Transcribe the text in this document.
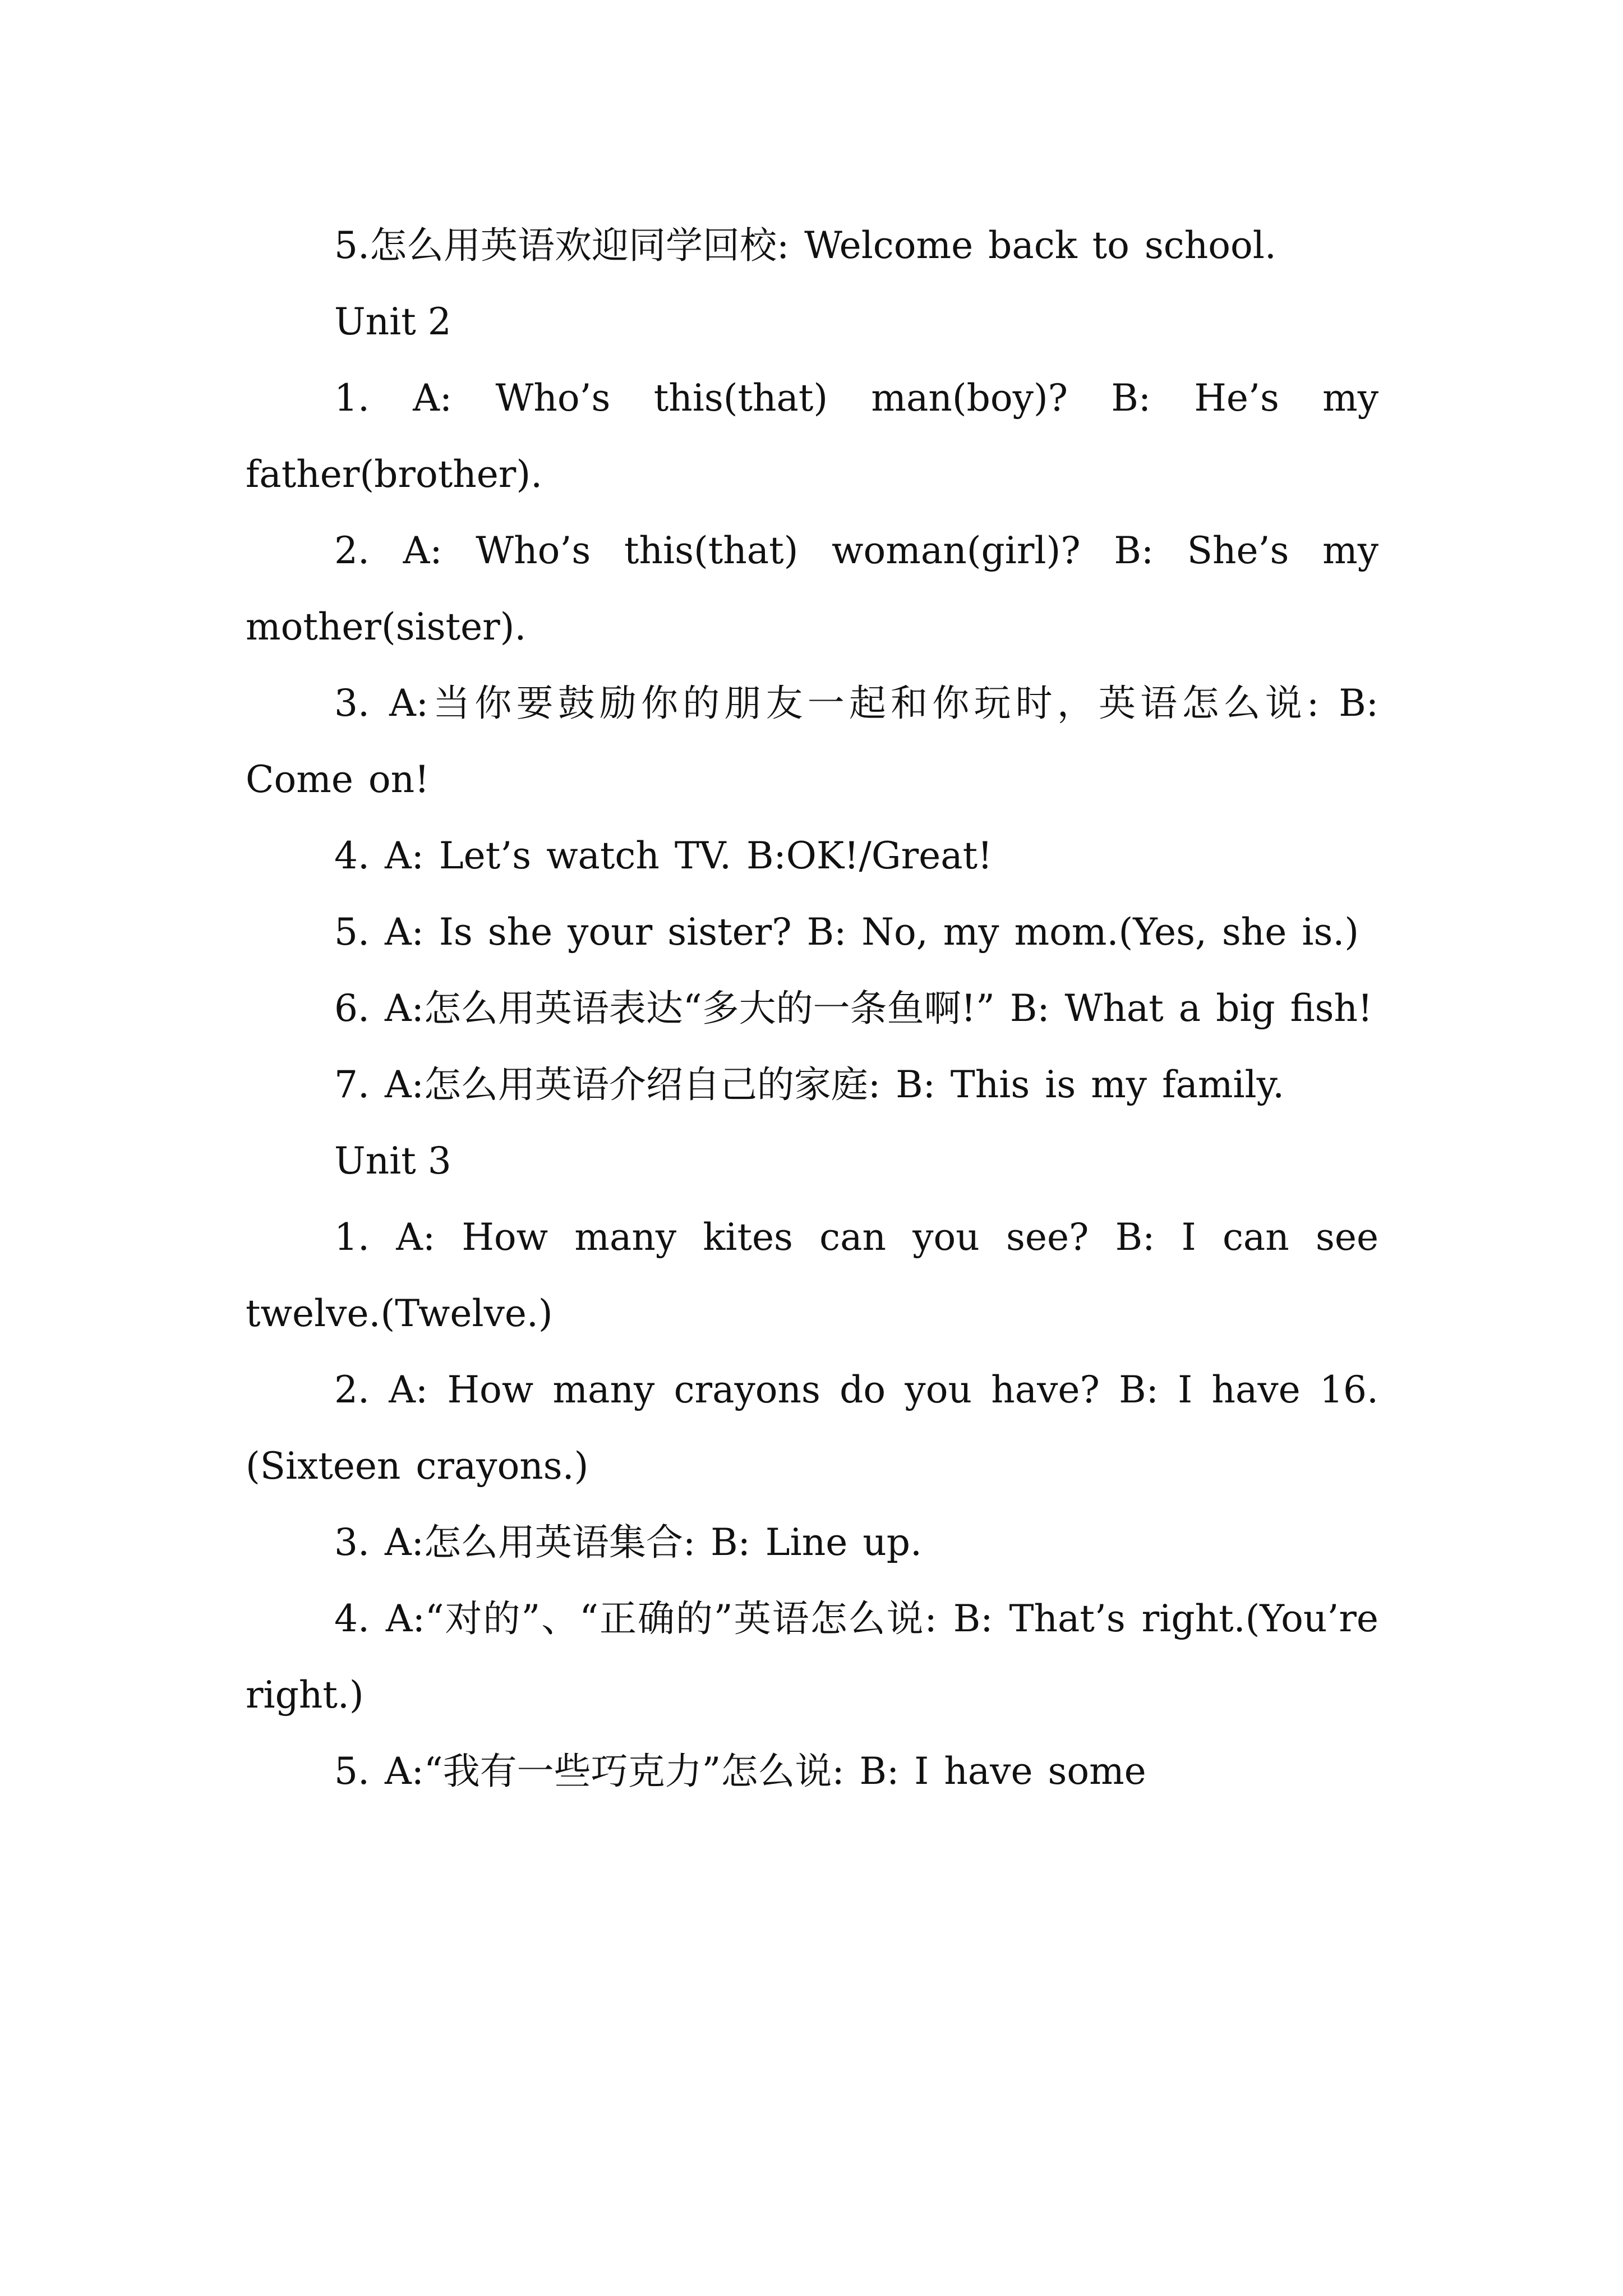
5.怎么用英语欢迎同学回校: Welcome back to school.

Unit 2

1. A: Who’s this(that) man(boy)? B: He’s my father(brother).

2. A: Who’s this(that) woman(girl)? B: She’s my mother(sister).

3. A:当你要鼓励你的朋友一起和你玩时，英语怎么说: B: Come on!

4. A: Let’s watch TV. B:OK!/Great!

5. A: Is she your sister? B: No, my mom.(Yes, she is.)

6. A:怎么用英语表达“多大的一条鱼啊!” B: What a big fish!

7. A:怎么用英语介绍自己的家庭: B: This is my family.

Unit 3

1. A: How many kites can you see? B: I can see twelve.(Twelve.)

2. A: How many crayons do you have? B: I have 16.(Sixteen crayons.)

3. A:怎么用英语集合: B: Line up.

4. A:“对的”、“正确的”英语怎么说: B: That’s right.(You’re right.)

5. A:“我有一些巧克力”怎么说: B: I have some
